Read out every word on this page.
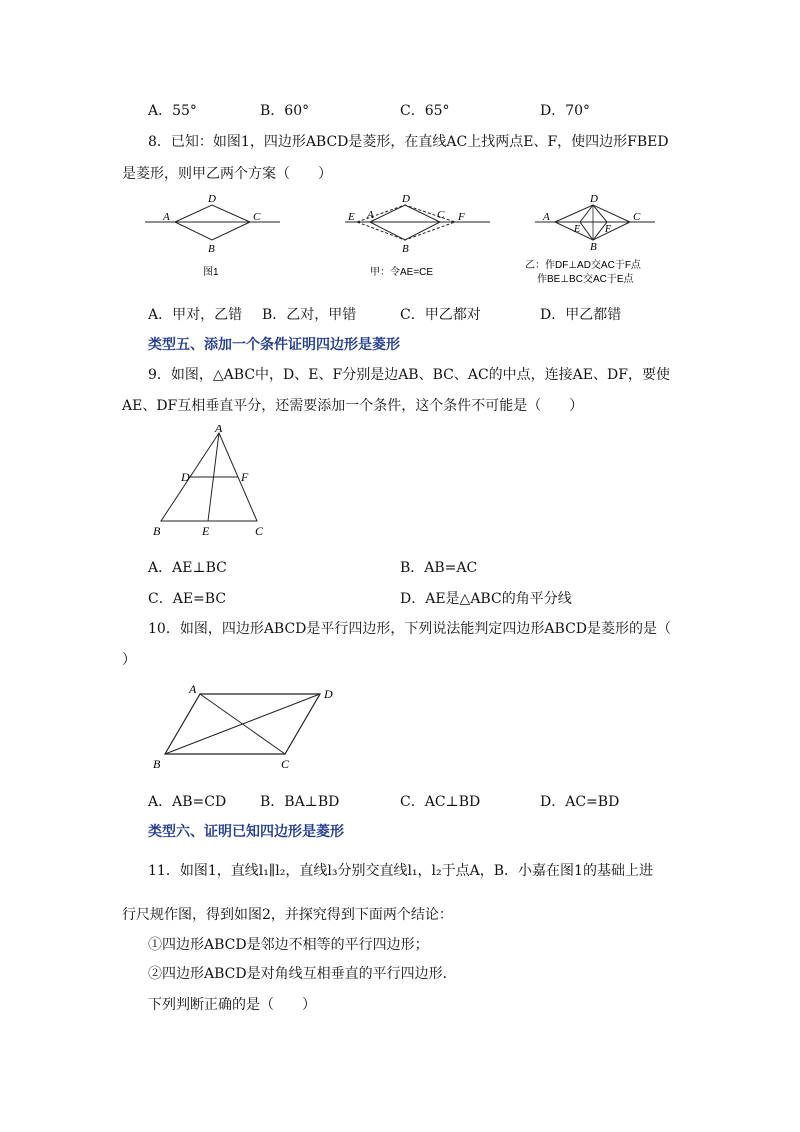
A．55°	B．60°	C．65°	D．70°
8．已知：如图1，四边形ABCD是菱形，在直线AC上找两点E、F，使四边形FBED
是菱形，则甲乙两个方案（　　）
D
A	C
B
图1
D
E A	C F
B
甲：令AE=CE
D
A	C
E F
B
乙：作DF⊥AD交AC于F点
作BE⊥BC交AC于E点
A．甲对，乙错 B．乙对，甲错	C．甲乙都对	D．甲乙都错
类型五、添加一个条件证明四边形是菱形
9．如图，△ABC中，D、E、F分别是边AB、BC、AC的中点，连接AE、DF，要使
AE、DF互相垂直平分，还需要添加一个条件，这个条件不可能是（　　）
A
D	F
B	E	C
A．AE⊥BC	B．AB=AC
C．AE=BC	D．AE是△ABC的角平分线
10．如图，四边形ABCD是平行四边形，下列说法能判定四边形ABCD是菱形的是（
）
A	D
B	C
A．AB=CD B．BA⊥BD	C．AC⊥BD	D．AC=BD
类型六、证明已知四边形是菱形
11．如图1，直线l₁∥l₂，直线l₃分别交直线l₁，l₂于点A，B．小嘉在图1的基础上进
行尺规作图，得到如图2，并探究得到下面两个结论：
①四边形ABCD是邻边不相等的平行四边形；
②四边形ABCD是对角线互相垂直的平行四边形．
下列判断正确的是（　　）
